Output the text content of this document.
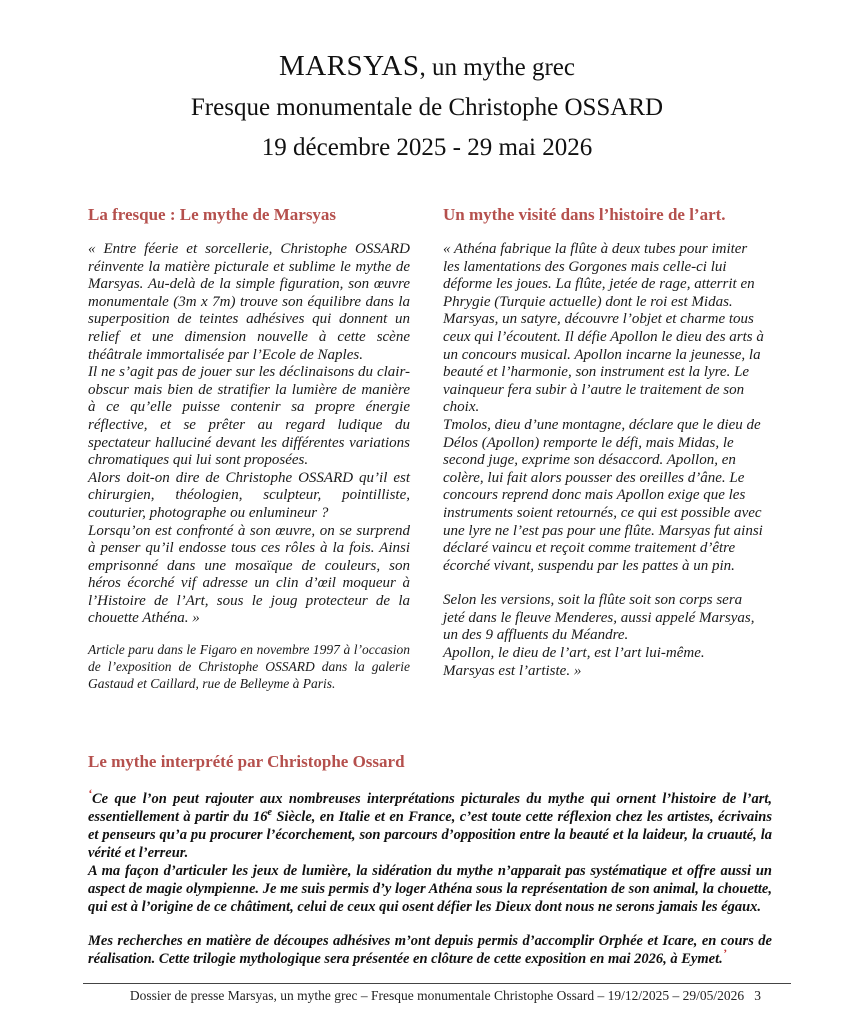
MARSYAS, un mythe grec
Fresque monumentale de Christophe OSSARD
19 décembre 2025 - 29 mai 2026
La fresque : Le mythe de Marsyas

« Entre féerie et sorcellerie, Christophe OSSARD réinvente la matière picturale et sublime le mythe de Marsyas. Au-delà de la simple figuration, son œuvre monumentale (3m x 7m) trouve son équilibre dans la superposition de teintes adhésives qui donnent un relief et une dimension nouvelle à cette scène théâtrale immortalisée par l’Ecole de Naples.

Il ne s’agit pas de jouer sur les déclinaisons du clair-obscur mais bien de stratifier la lumière de manière à ce qu’elle puisse contenir sa propre énergie réflective, et se prêter au regard ludique du spectateur halluciné devant les différentes variations chromatiques qui lui sont proposées.

Alors doit-on dire de Christophe OSSARD qu’il est chirurgien, théologien, sculpteur, pointilliste, couturier, photographe ou enlumineur ?

Lorsqu’on est confronté à son œuvre, on se surprend à penser qu’il endosse tous ces rôles à la fois. Ainsi emprisonné dans une mosaïque de couleurs, son héros écorché vif adresse un clin d’œil moqueur à l’Histoire de l’Art, sous le joug protecteur de la chouette Athéna. »

Article paru dans le Figaro en novembre 1997 à l’occasion de l’exposition de Christophe OSSARD dans la galerie Gastaud et Caillard, rue de Belleyme à Paris.

Un mythe visité dans l’histoire de l’art.

« Athéna fabrique la flûte à deux tubes pour imiter les lamentations des Gorgones mais celle-ci lui déforme les joues. La flûte, jetée de rage, atterrit en Phrygie (Turquie actuelle) dont le roi est Midas.

Marsyas, un satyre, découvre l’objet et charme tous ceux qui l’écoutent. Il défie Apollon le dieu des arts à un concours musical. Apollon incarne la jeunesse, la beauté et l’harmonie, son instrument est la lyre. Le vainqueur fera subir à l’autre le traitement de son choix.

Tmolos, dieu d’une montagne, déclare que le dieu de Délos (Apollon) remporte le défi, mais Midas, le second juge, exprime son désaccord. Apollon, en colère, lui fait alors pousser des oreilles d’âne. Le concours reprend donc mais Apollon exige que les instruments soient retournés, ce qui est possible avec une lyre ne l’est pas pour une flûte. Marsyas fut ainsi déclaré vaincu et reçoit comme traitement d’être écorché vivant, suspendu par les pattes à un pin.

Selon les versions, soit la flûte soit son corps sera jeté dans le fleuve Menderes, aussi appelé Marsyas, un des 9 affluents du Méandre.

Apollon, le dieu de l’art, est l’art lui-même.

Marsyas est l’artiste. »

Le mythe interprété par Christophe Ossard

‘Ce que l’on peut rajouter aux nombreuses interprétations picturales du mythe qui ornent l’histoire de l’art, essentiellement à partir du 16e Siècle, en Italie et en France, c’est toute cette réflexion chez les artistes, écrivains et penseurs qu’a pu procurer l’écorchement, son parcours d’opposition entre la beauté et la laideur, la cruauté, la vérité et l’erreur.

A ma façon d’articuler les jeux de lumière, la sidération du mythe n’apparait pas systématique et offre aussi un aspect de magie olympienne. Je me suis permis d’y loger Athéna sous la représentation de son animal, la chouette, qui est à l’origine de ce châtiment, celui de ceux qui osent défier les Dieux dont nous ne serons jamais les égaux.

Mes recherches en matière de découpes adhésives m’ont depuis permis d’accomplir Orphée et Icare, en cours de réalisation. Cette trilogie mythologique sera présentée en clôture de cette exposition en mai 2026, à Eymet.’

Dossier de presse Marsyas, un mythe grec – Fresque monumentale Christophe Ossard – 19/12/2025 – 29/05/2026 3
